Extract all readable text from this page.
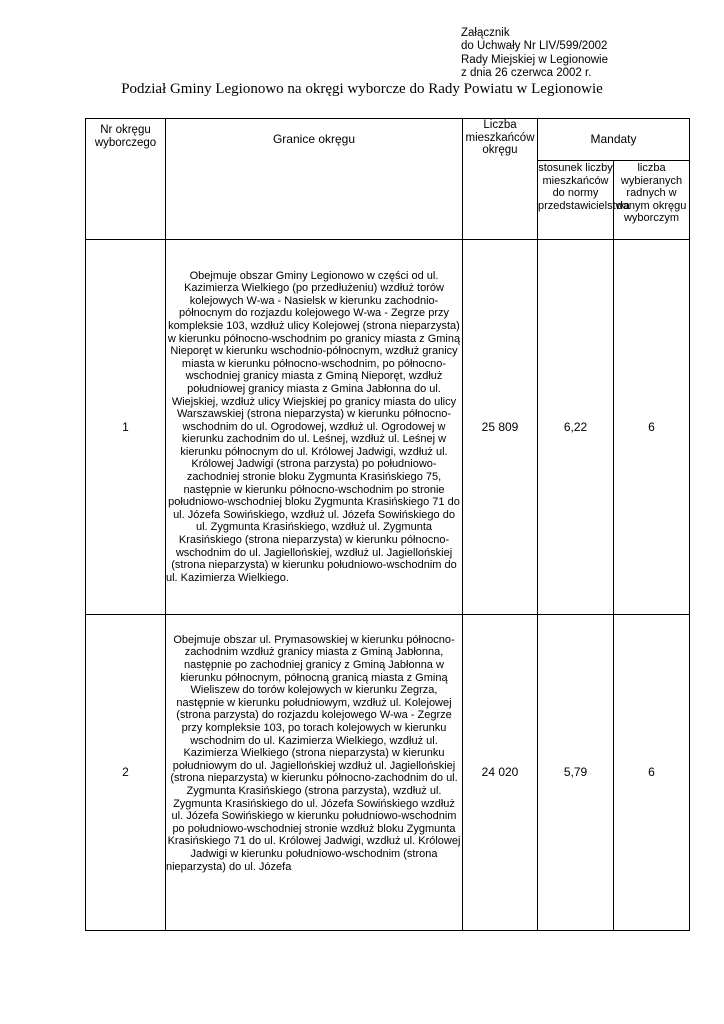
Załącznik
do Uchwały Nr LIV/599/2002
Rady Miejskiej w Legionowie
z dnia 26 czerwca 2002 r.
Podział Gminy Legionowo na okręgi wyborcze do Rady Powiatu w Legionowie
Nr okręgu wyborczego	Granice okręgu	Liczba mieszkańców okręgu	Mandaty	
			stosunek liczby mieszkańców do normy przedstawicielstwa	liczba wybieranych radnych w danym okręgu wyborczym
1	Obejmuje obszar Gminy Legionowo w części od ul. Kazimierza Wielkiego (po przedłużeniu) wzdłuż torów kolejowych W-wa - Nasielsk w kierunku zachodnio-północnym do rozjazdu kolejowego W-wa - Zegrze przy kompleksie 103, wzdłuż ulicy Kolejowej (strona nieparzysta) w kierunku północno-wschodnim po granicy miasta z Gminą Nieporęt w kierunku wschodnio-północnym, wzdłuż granicy miasta w kierunku północno-wschodnim, po północno-wschodniej granicy miasta z Gminą Nieporęt, wzdłuż południowej granicy miasta z Gmina Jabłonna do ul. Wiejskiej, wzdłuż ulicy Wiejskiej po granicy miasta do ulicy Warszawskiej (strona nieparzysta) w kierunku północno-wschodnim do ul. Ogrodowej, wzdłuż ul. Ogrodowej w kierunku zachodnim do ul. Leśnej, wzdłuż ul. Leśnej w kierunku północnym do ul. Królowej Jadwigi, wzdłuż ul. Królowej Jadwigi (strona parzysta) po południowo-zachodniej stronie bloku Zygmunta Krasińskiego 75, następnie w kierunku północno-wschodnim po stronie południowo-wschodniej bloku Zygmunta Krasińskiego 71 do ul. Józefa Sowińskiego, wzdłuż ul. Józefa Sowińskiego do ul. Zygmunta Krasińskiego, wzdłuż ul. Zygmunta Krasińskiego (strona nieparzysta) w kierunku północno-wschodnim do ul. Jagiellońskiej, wzdłuż ul. Jagiellońskiej (strona nieparzysta) w kierunku południowo-wschodnim do ul. Kazimierza Wielkiego.	25 809	6,22	6
2	Obejmuje obszar ul. Prymasowskiej w kierunku północno- zachodnim wzdłuż granicy miasta z Gminą Jabłonna, następnie po zachodniej granicy z Gminą Jabłonna w kierunku północnym, północną granicą miasta z Gminą Wieliszew do torów kolejowych w kierunku Zegrza, następnie w kierunku południowym, wzdłuż ul. Kolejowej (strona parzysta) do rozjazdu kolejowego W-wa - Zegrze przy kompleksie 103, po torach kolejowych w kierunku wschodnim do ul. Kazimierza Wielkiego, wzdłuż ul. Kazimierza Wielkiego (strona nieparzysta) w kierunku południowym do ul. Jagiellońskiej wzdłuż ul. Jagiellońskiej (strona nieparzysta) w kierunku północno-zachodnim do ul. Zygmunta Krasińskiego (strona parzysta), wzdłuż ul. Zygmunta Krasińskiego do ul. Józefa Sowińskiego wzdłuż ul. Józefa Sowińskiego w kierunku południowo-wschodnim po południowo-wschodniej stronie wzdłuż bloku Zygmunta Krasińskiego 71 do ul. Królowej Jadwigi, wzdłuż ul. Królowej Jadwigi w kierunku południowo-wschodnim (strona nieparzysta) do ul. Józefa	24 020	5,79	6
